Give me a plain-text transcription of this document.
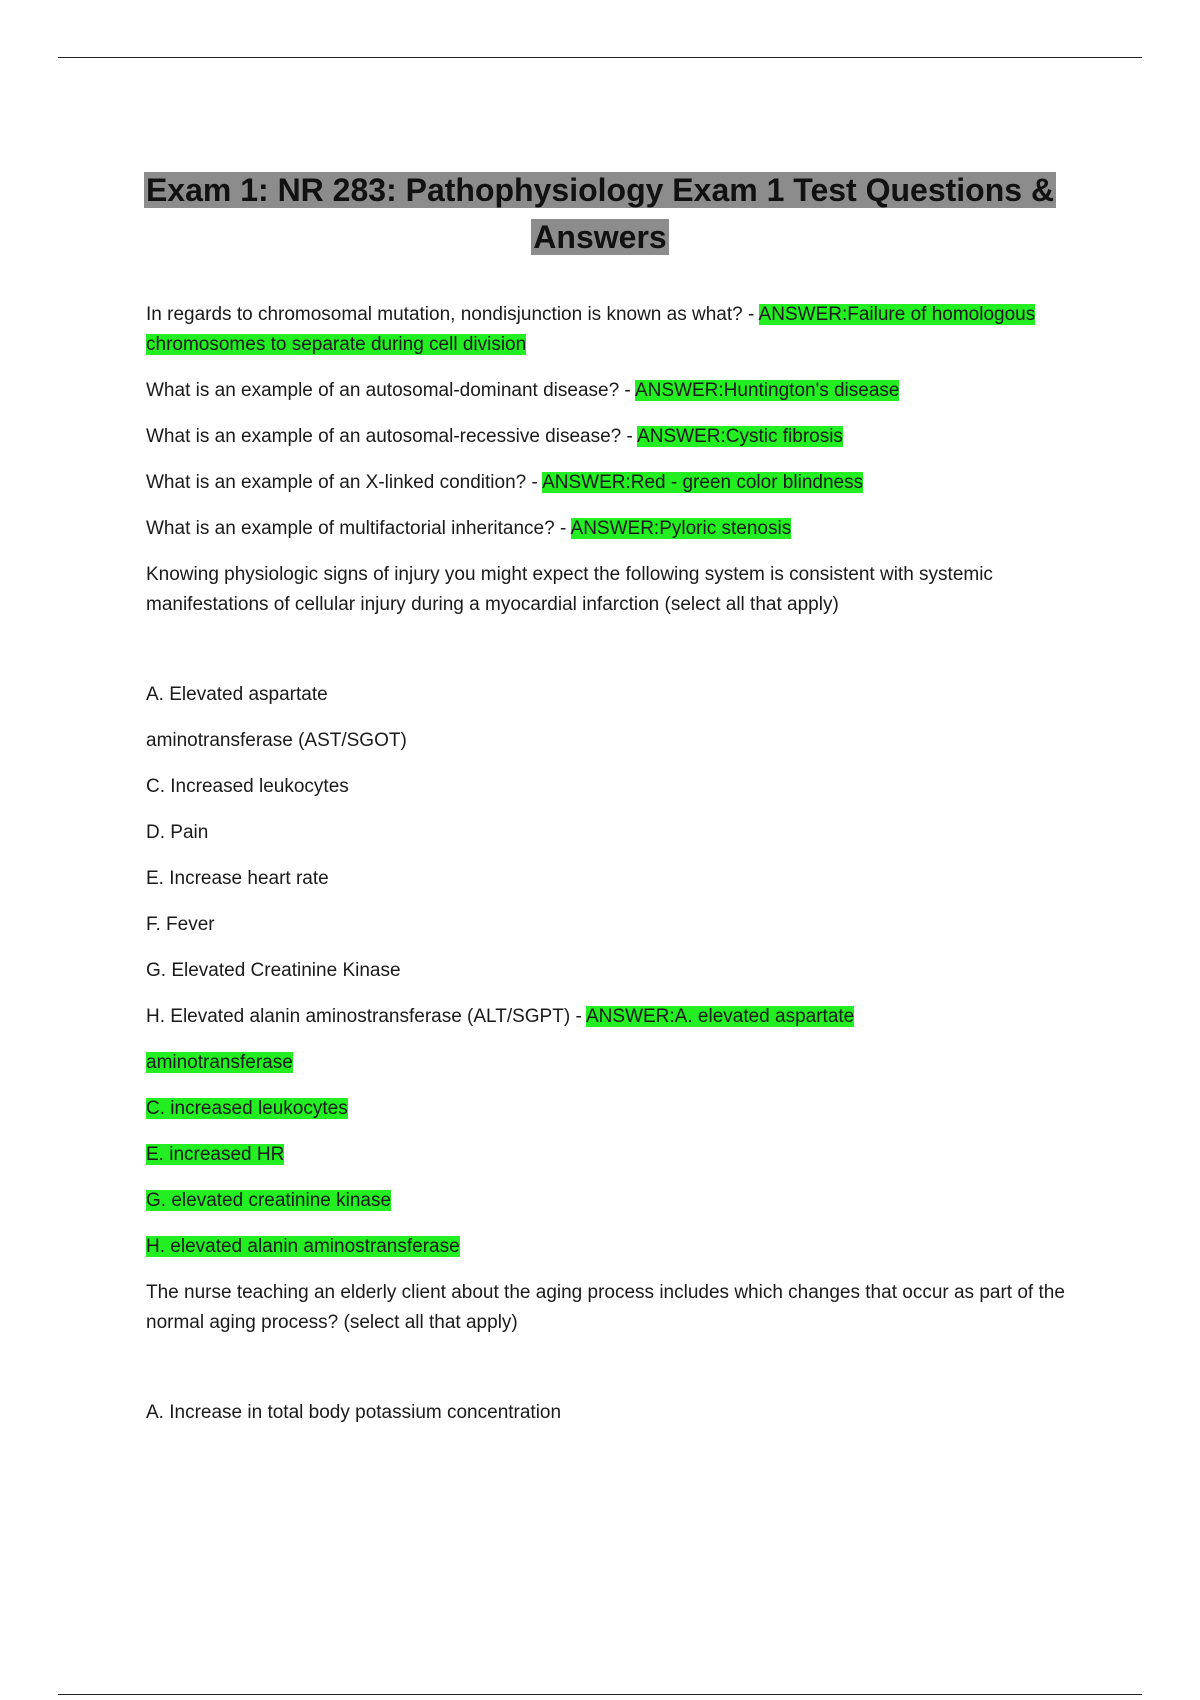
Exam 1: NR 283: Pathophysiology Exam 1 Test Questions & Answers

In regards to chromosomal mutation, nondisjunction is known as what? - ANSWER:Failure of homologous chromosomes to separate during cell division

What is an example of an autosomal-dominant disease? - ANSWER:Huntington's disease

What is an example of an autosomal-recessive disease? - ANSWER:Cystic fibrosis

What is an example of an X-linked condition? - ANSWER:Red - green color blindness

What is an example of multifactorial inheritance? - ANSWER:Pyloric stenosis

Knowing physiologic signs of injury you might expect the following system is consistent with systemic manifestations of cellular injury during a myocardial infarction (select all that apply)

A. Elevated aspartate

aminotransferase (AST/SGOT)

C. Increased leukocytes

D. Pain

E. Increase heart rate

F. Fever

G. Elevated Creatinine Kinase

H. Elevated alanin aminostransferase (ALT/SGPT) - ANSWER:A. elevated aspartate

aminotransferase

C. increased leukocytes

E. increased HR

G. elevated creatinine kinase

H. elevated alanin aminostransferase

The nurse teaching an elderly client about the aging process includes which changes that occur as part of the normal aging process? (select all that apply)

A. Increase in total body potassium concentration
